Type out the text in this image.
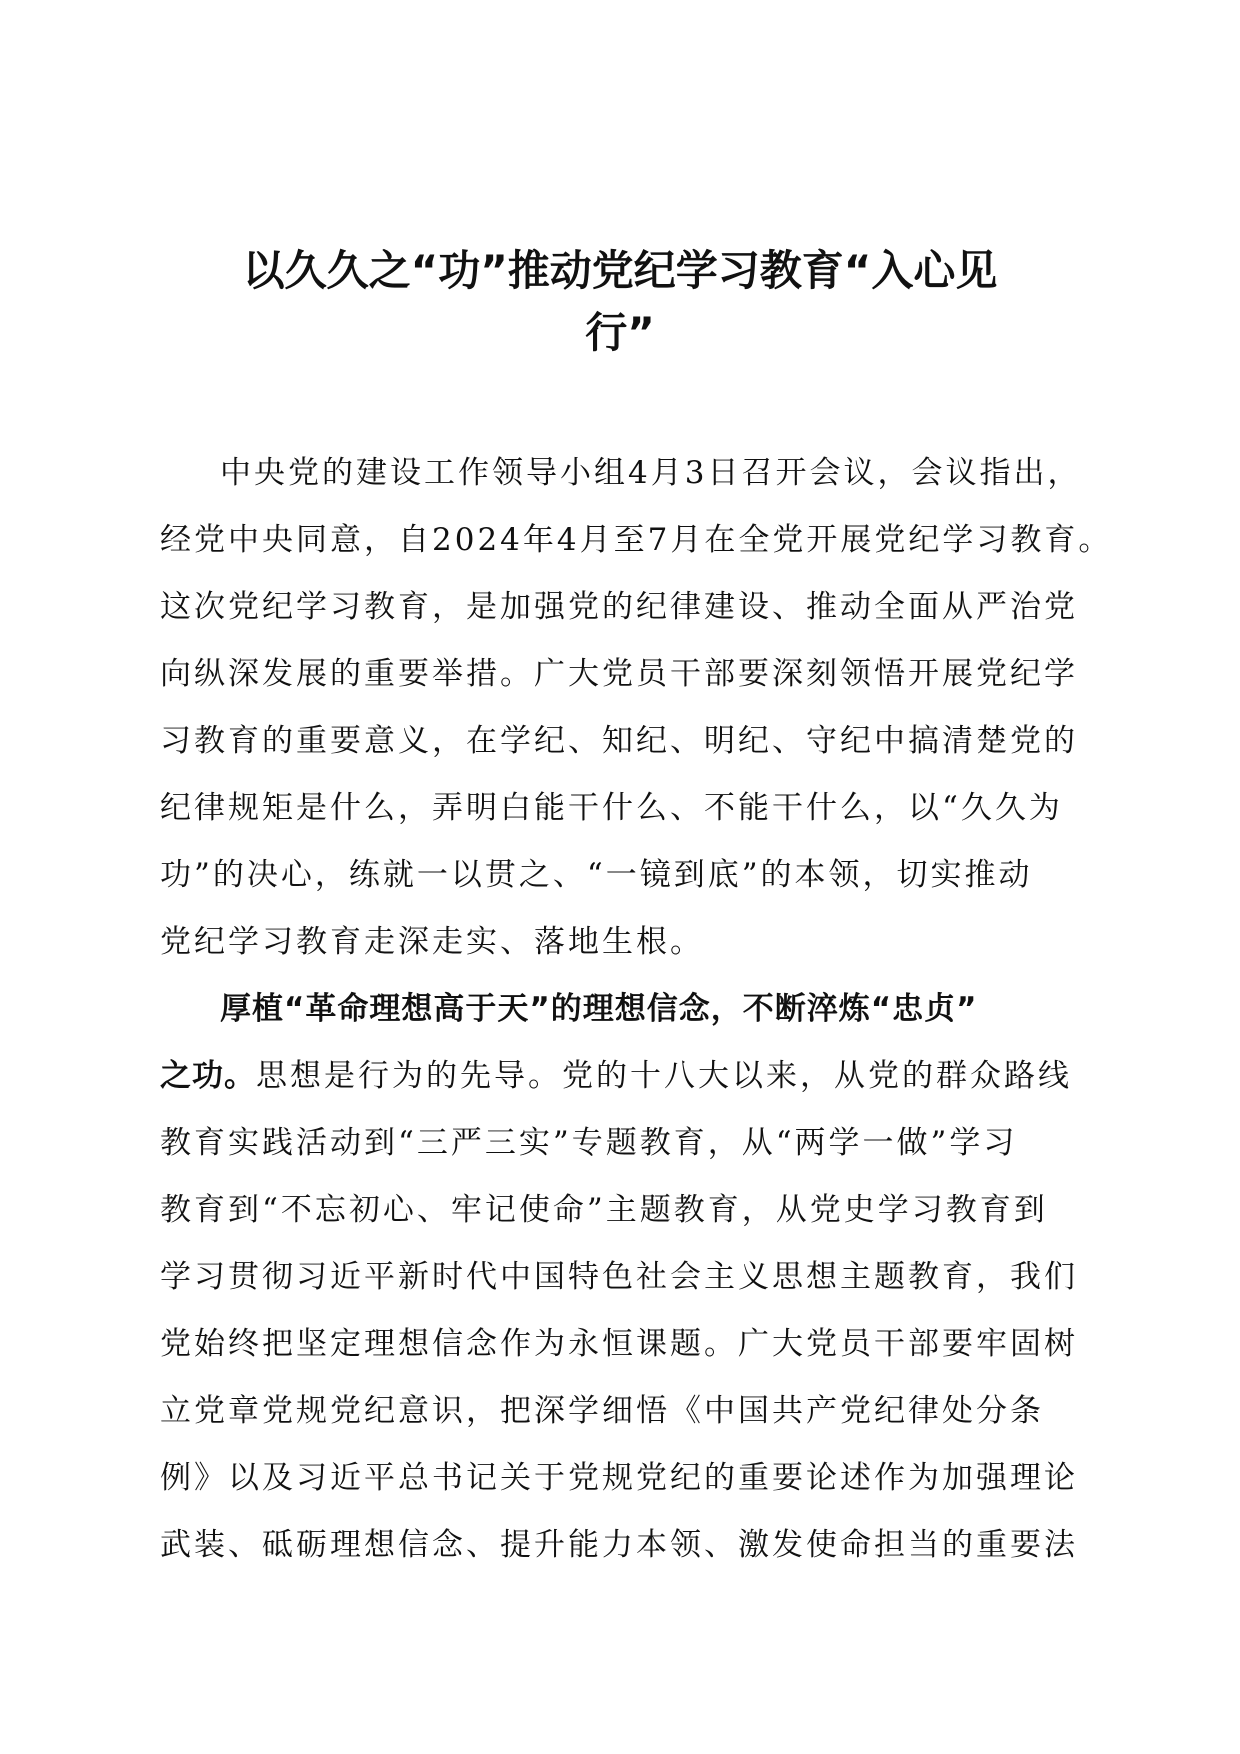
以久久之“功”推动党纪学习教育“入心见
行”
中央党的建设工作领导小组4月3日召开会议，会议指出，
经党中央同意，自2024年4月至7月在全党开展党纪学习教育。
这次党纪学习教育，是加强党的纪律建设、推动全面从严治党
向纵深发展的重要举措。广大党员干部要深刻领悟开展党纪学
习教育的重要意义，在学纪、知纪、明纪、守纪中搞清楚党的
纪律规矩是什么，弄明白能干什么、不能干什么，以“久久为
功”的决心，练就一以贯之、“一镜到底”的本领，切实推动
党纪学习教育走深走实、落地生根。
厚植“革命理想高于天”的理想信念，不断淬炼“忠贞”
之功。思想是行为的先导。党的十八大以来，从党的群众路线
教育实践活动到“三严三实”专题教育，从“两学一做”学习
教育到“不忘初心、牢记使命”主题教育，从党史学习教育到
学习贯彻习近平新时代中国特色社会主义思想主题教育，我们
党始终把坚定理想信念作为永恒课题。广大党员干部要牢固树
立党章党规党纪意识，把深学细悟《中国共产党纪律处分条
例》以及习近平总书记关于党规党纪的重要论述作为加强理论
武装、砥砺理想信念、提升能力本领、激发使命担当的重要法
